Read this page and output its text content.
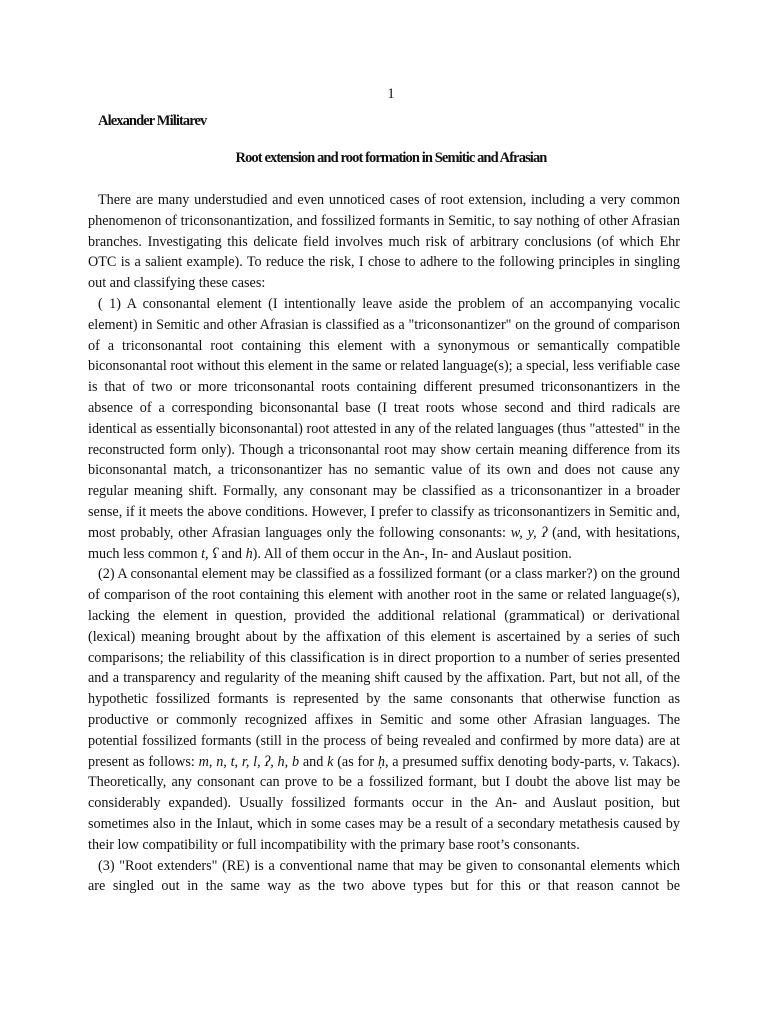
1
Alexander Militarev
Root extension and root formation in Semitic and Afrasian

There are many understudied and even unnoticed cases of root extension, including a very common phenomenon of triconsonantization, and fossilized formants in Semitic, to say nothing of other Afrasian branches. Investigating this delicate field involves much risk of arbitrary conclusions (of which Ehr OTC is a salient example). To reduce the risk, I chose to adhere to the following principles in singling out and classifying these cases:

( 1) A consonantal element (I intentionally leave aside the problem of an accompanying vocalic element) in Semitic and other Afrasian is classified as a "triconsonantizer" on the ground of comparison of a triconsonantal root containing this element with a synonymous or semantically compatible biconsonantal root without this element in the same or related language(s); a special, less verifiable case is that of two or more triconsonantal roots containing different presumed triconsonantizers in the absence of a corresponding biconsonantal base (I treat roots whose second and third radicals are identical as essentially biconsonantal) root attested in any of the related languages (thus "attested" in the reconstructed form only). Though a triconsonantal root may show certain meaning difference from its biconsonantal match, a triconsonantizer has no semantic value of its own and does not cause any regular meaning shift. Formally, any consonant may be classified as a triconsonantizer in a broader sense, if it meets the above conditions. However, I prefer to classify as triconsonantizers in Semitic and, most probably, other Afrasian languages only the following consonants: w, y, ʔ (and, with hesitations, much less common t, ʕ and h). All of them occur in the An-, In- and Auslaut position.

(2) A consonantal element may be classified as a fossilized formant (or a class marker?) on the ground of comparison of the root containing this element with another root in the same or related language(s), lacking the element in question, provided the additional relational (grammatical) or derivational (lexical) meaning brought about by the affixation of this element is ascertained by a series of such comparisons; the reliability of this classification is in direct proportion to a number of series presented and a transparency and regularity of the meaning shift caused by the affixation. Part, but not all, of the hypothetic fossilized formants is represented by the same consonants that otherwise function as productive or commonly recognized affixes in Semitic and some other Afrasian languages. The potential fossilized formants (still in the process of being revealed and confirmed by more data) are at present as follows: m, n, t, r, l, ʔ, h, b and k (as for ḥ, a presumed suffix denoting body-parts, v. Takacs). Theoretically, any consonant can prove to be a fossilized formant, but I doubt the above list may be considerably expanded). Usually fossilized formants occur in the An- and Auslaut position, but sometimes also in the Inlaut, which in some cases may be a result of a secondary metathesis caused by their low compatibility or full incompatibility with the primary base root’s consonants.

(3) "Root extenders" (RE) is a conventional name that may be given to consonantal elements which are singled out in the same way as the two above types but for this or that reason cannot be
